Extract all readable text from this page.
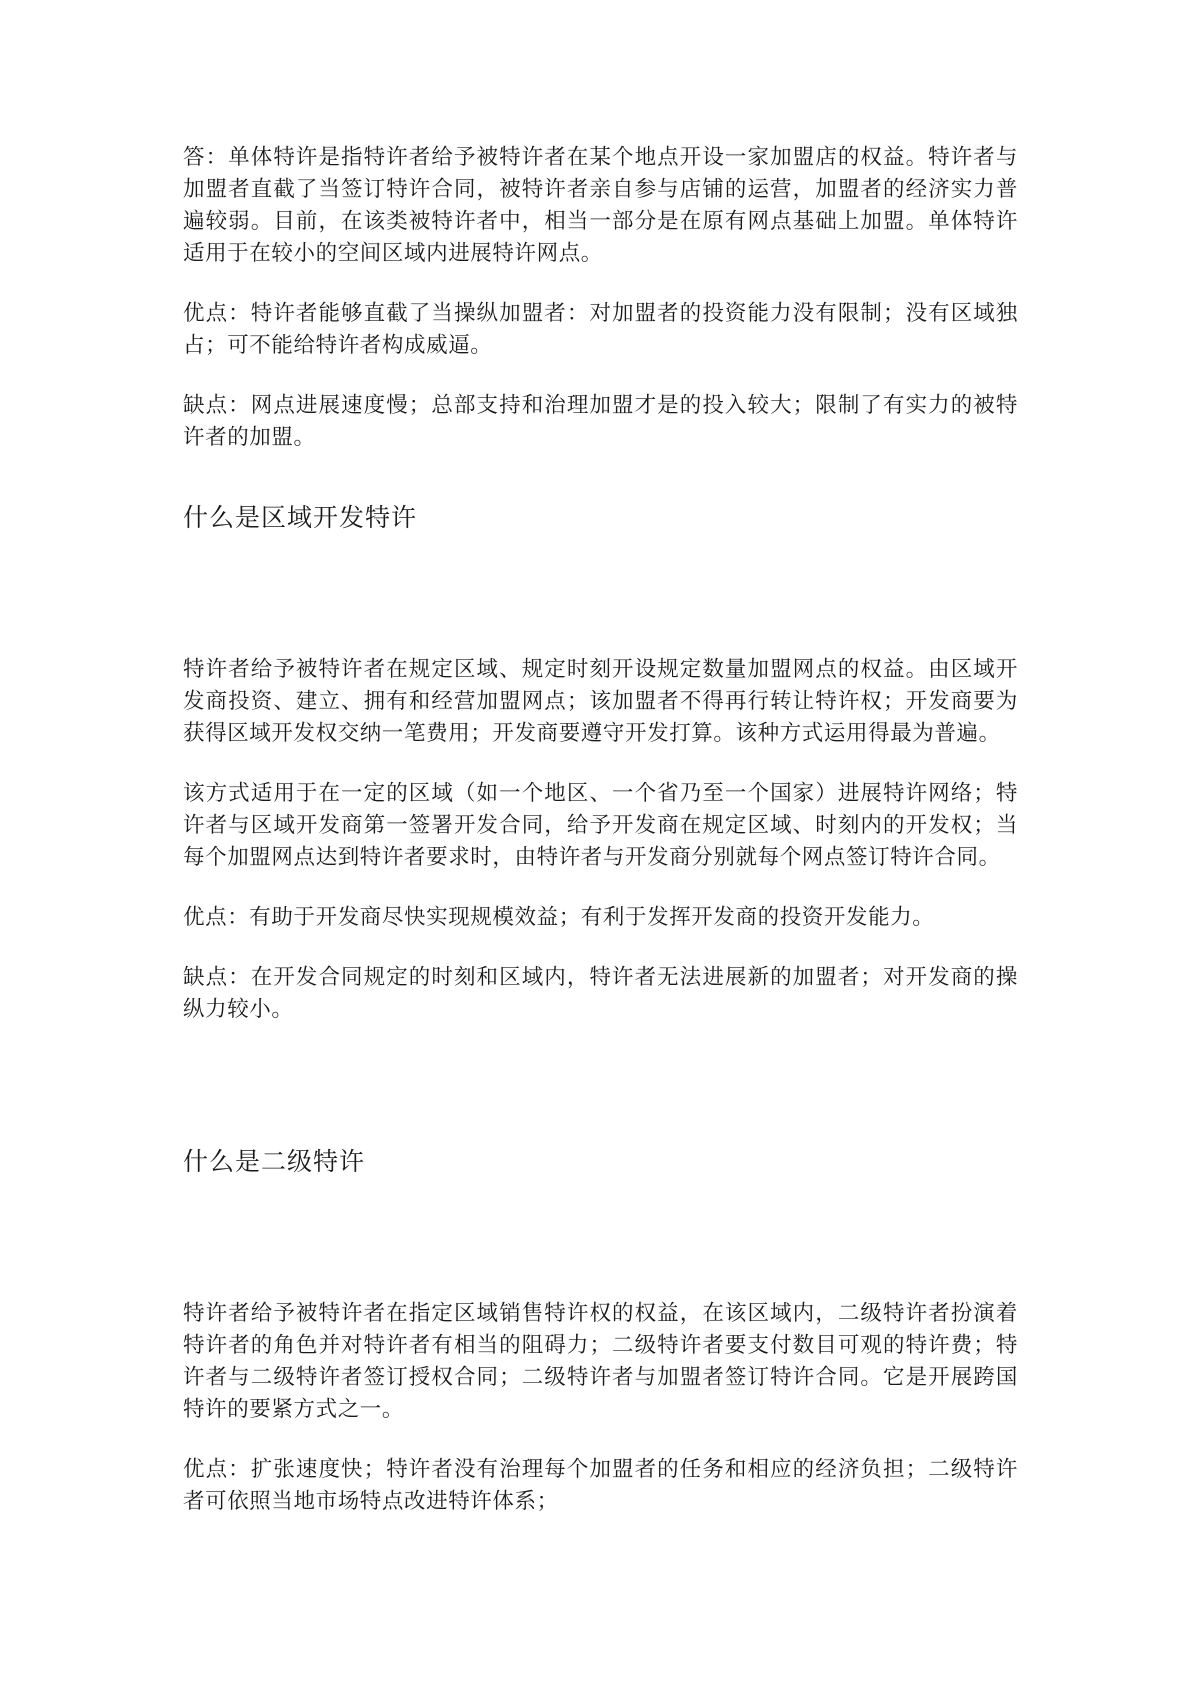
答：单体特许是指特许者给予被特许者在某个地点开设一家加盟店的权益。特许者与加盟者直截了当签订特许合同，被特许者亲自参与店铺的运营，加盟者的经济实力普遍较弱。目前，在该类被特许者中，相当一部分是在原有网点基础上加盟。单体特许适用于在较小的空间区域内进展特许网点。

优点：特许者能够直截了当操纵加盟者：对加盟者的投资能力没有限制；没有区域独占；可不能给特许者构成威逼。

缺点：网点进展速度慢；总部支持和治理加盟才是的投入较大；限制了有实力的被特许者的加盟。

什么是区域开发特许

特许者给予被特许者在规定区域、规定时刻开设规定数量加盟网点的权益。由区域开发商投资、建立、拥有和经营加盟网点；该加盟者不得再行转让特许权；开发商要为获得区域开发权交纳一笔费用；开发商要遵守开发打算。该种方式运用得最为普遍。

该方式适用于在一定的区域（如一个地区、一个省乃至一个国家）进展特许网络；特许者与区域开发商第一签署开发合同，给予开发商在规定区域、时刻内的开发权；当每个加盟网点达到特许者要求时，由特许者与开发商分别就每个网点签订特许合同。

优点：有助于开发商尽快实现规模效益；有利于发挥开发商的投资开发能力。

缺点：在开发合同规定的时刻和区域内，特许者无法进展新的加盟者；对开发商的操纵力较小。

什么是二级特许

特许者给予被特许者在指定区域销售特许权的权益，在该区域内，二级特许者扮演着特许者的角色并对特许者有相当的阻碍力；二级特许者要支付数目可观的特许费；特许者与二级特许者签订授权合同；二级特许者与加盟者签订特许合同。它是开展跨国特许的要紧方式之一。

优点：扩张速度快；特许者没有治理每个加盟者的任务和相应的经济负担；二级特许者可依照当地市场特点改进特许体系；
